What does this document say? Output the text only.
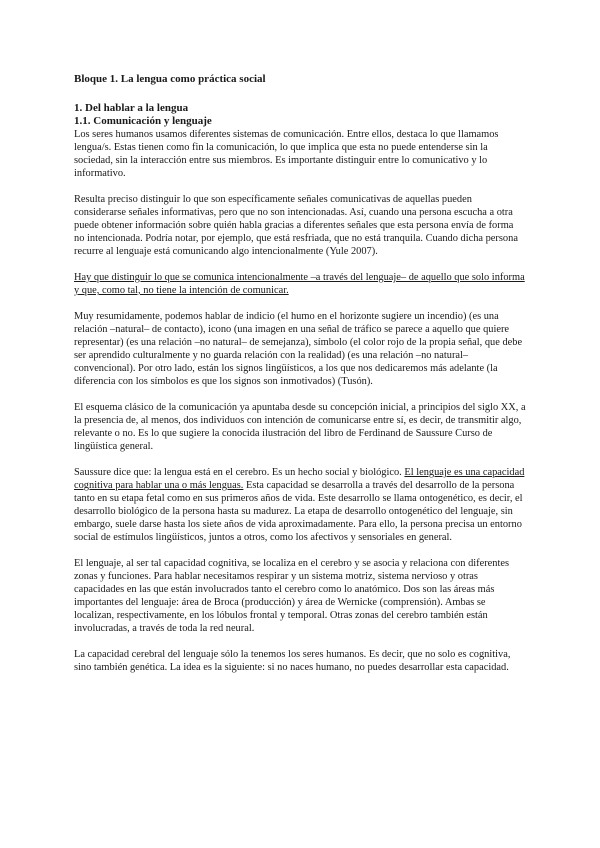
Bloque 1. La lengua como práctica social
1. Del hablar a la lengua
1.1. Comunicación y lenguaje

Los seres humanos usamos diferentes sistemas de comunicación. Entre ellos, destaca lo que llamamos lengua/s. Estas tienen como fin la comunicación, lo que implica que esta no puede entenderse sin la sociedad, sin la interacción entre sus miembros. Es importante distinguir entre lo comunicativo y lo informativo.

Resulta preciso distinguir lo que son específicamente señales comunicativas de aquellas pueden considerarse señales informativas, pero que no son intencionadas. Así, cuando una persona escucha a otra puede obtener información sobre quién habla gracias a diferentes señales que esta persona envía de forma no intencionada. Podría notar, por ejemplo, que está resfriada, que no está tranquila. Cuando dicha persona recurre al lenguaje está comunicando algo intencionalmente (Yule 2007).

Hay que distinguir lo que se comunica intencionalmente –a través del lenguaje– de aquello que solo informa y que, como tal, no tiene la intención de comunicar.

Muy resumidamente, podemos hablar de indicio (el humo en el horizonte sugiere un incendio) (es una relación –natural– de contacto), icono (una imagen en una señal de tráfico se parece a aquello que quiere representar) (es una relación –no natural– de semejanza), símbolo (el color rojo de la propia señal, que debe ser aprendido culturalmente y no guarda relación con la realidad) (es una relación –no natural– convencional). Por otro lado, están los signos lingüísticos, a los que nos dedicaremos más adelante (la diferencia con los símbolos es que los signos son inmotivados) (Tusón).

El esquema clásico de la comunicación ya apuntaba desde su concepción inicial, a principios del siglo XX, a la presencia de, al menos, dos individuos con intención de comunicarse entre sí, es decir, de transmitir algo, relevante o no. Es lo que sugiere la conocida ilustración del libro de Ferdinand de Saussure Curso de lingüística general.

Saussure dice que: la lengua está en el cerebro. Es un hecho social y biológico. El lenguaje es una capacidad cognitiva para hablar una o más lenguas. Esta capacidad se desarrolla a través del desarrollo de la persona tanto en su etapa fetal como en sus primeros años de vida. Este desarrollo se llama ontogenético, es decir, el desarrollo biológico de la persona hasta su madurez. La etapa de desarrollo ontogenético del lenguaje, sin embargo, suele darse hasta los siete años de vida aproximadamente. Para ello, la persona precisa un entorno social de estímulos lingüísticos, juntos a otros, como los afectivos y sensoriales en general.

El lenguaje, al ser tal capacidad cognitiva, se localiza en el cerebro y se asocia y relaciona con diferentes zonas y funciones. Para hablar necesitamos respirar y un sistema motriz, sistema nervioso y otras capacidades en las que están involucrados tanto el cerebro como lo anatómico. Dos son las áreas más importantes del lenguaje: área de Broca (producción) y área de Wernicke (comprensión). Ambas se localizan, respectivamente, en los lóbulos frontal y temporal. Otras zonas del cerebro también están involucradas, a través de toda la red neural.

La capacidad cerebral del lenguaje sólo la tenemos los seres humanos. Es decir, que no solo es cognitiva, sino también genética. La idea es la siguiente: si no naces humano, no puedes desarrollar esta capacidad.
